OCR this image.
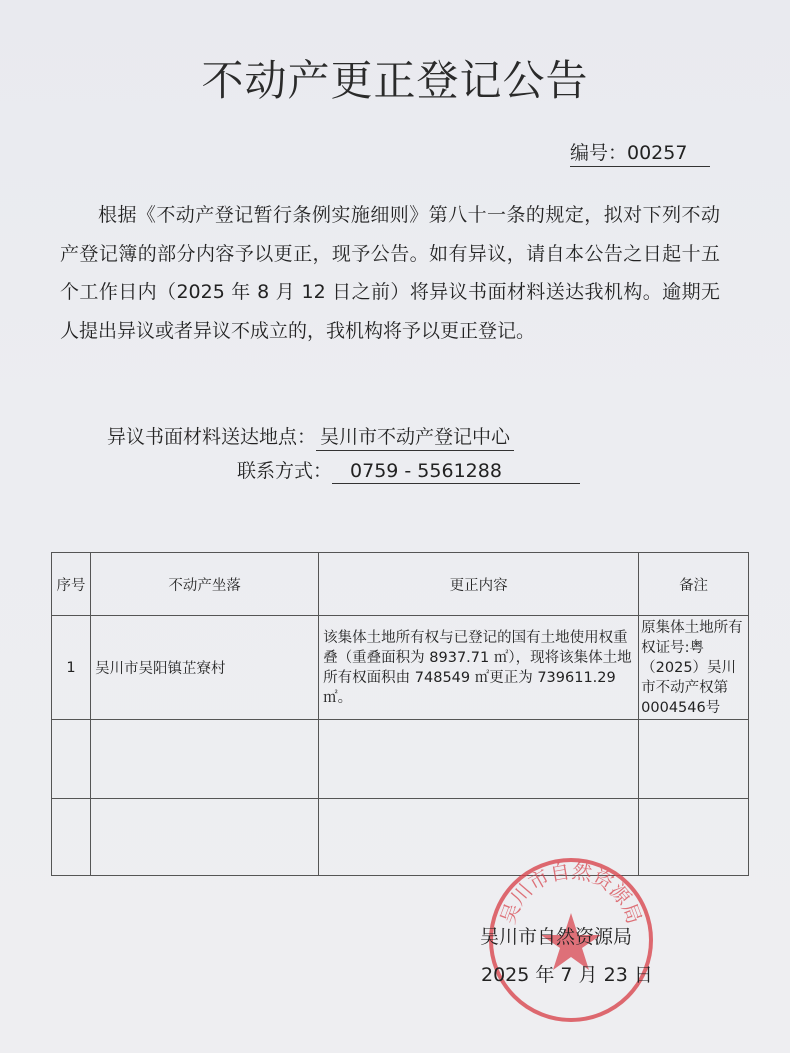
不动产更正登记公告
编号：00257

根据《不动产登记暂行条例实施细则》第八十一条的规定，拟对下列不动产登记簿的部分内容予以更正，现予公告。如有异议，请自本公告之日起十五个工作日内（2025 年 8 月 12 日之前）将异议书面材料送达我机构。逾期无人提出异议或者异议不成立的，我机构将予以更正登记。

异议书面材料送达地点： 吴川市不动产登记中心
联系方式： 0759 - 5561288
序号	不动产坐落	更正内容	备注
1	吴川市吴阳镇芷寮村	该集体土地所有权与已登记的国有土地使用权重叠（重叠面积为 8937.71 ㎡），现将该集体土地所有权面积由 748549 ㎡更正为 739611.29 ㎡。	原集体土地所有权证号:粤（2025）吴川市不动产权第0004546号

吴川市自然资源局
吴川市自然资源局
2025 年 7 月 23 日
